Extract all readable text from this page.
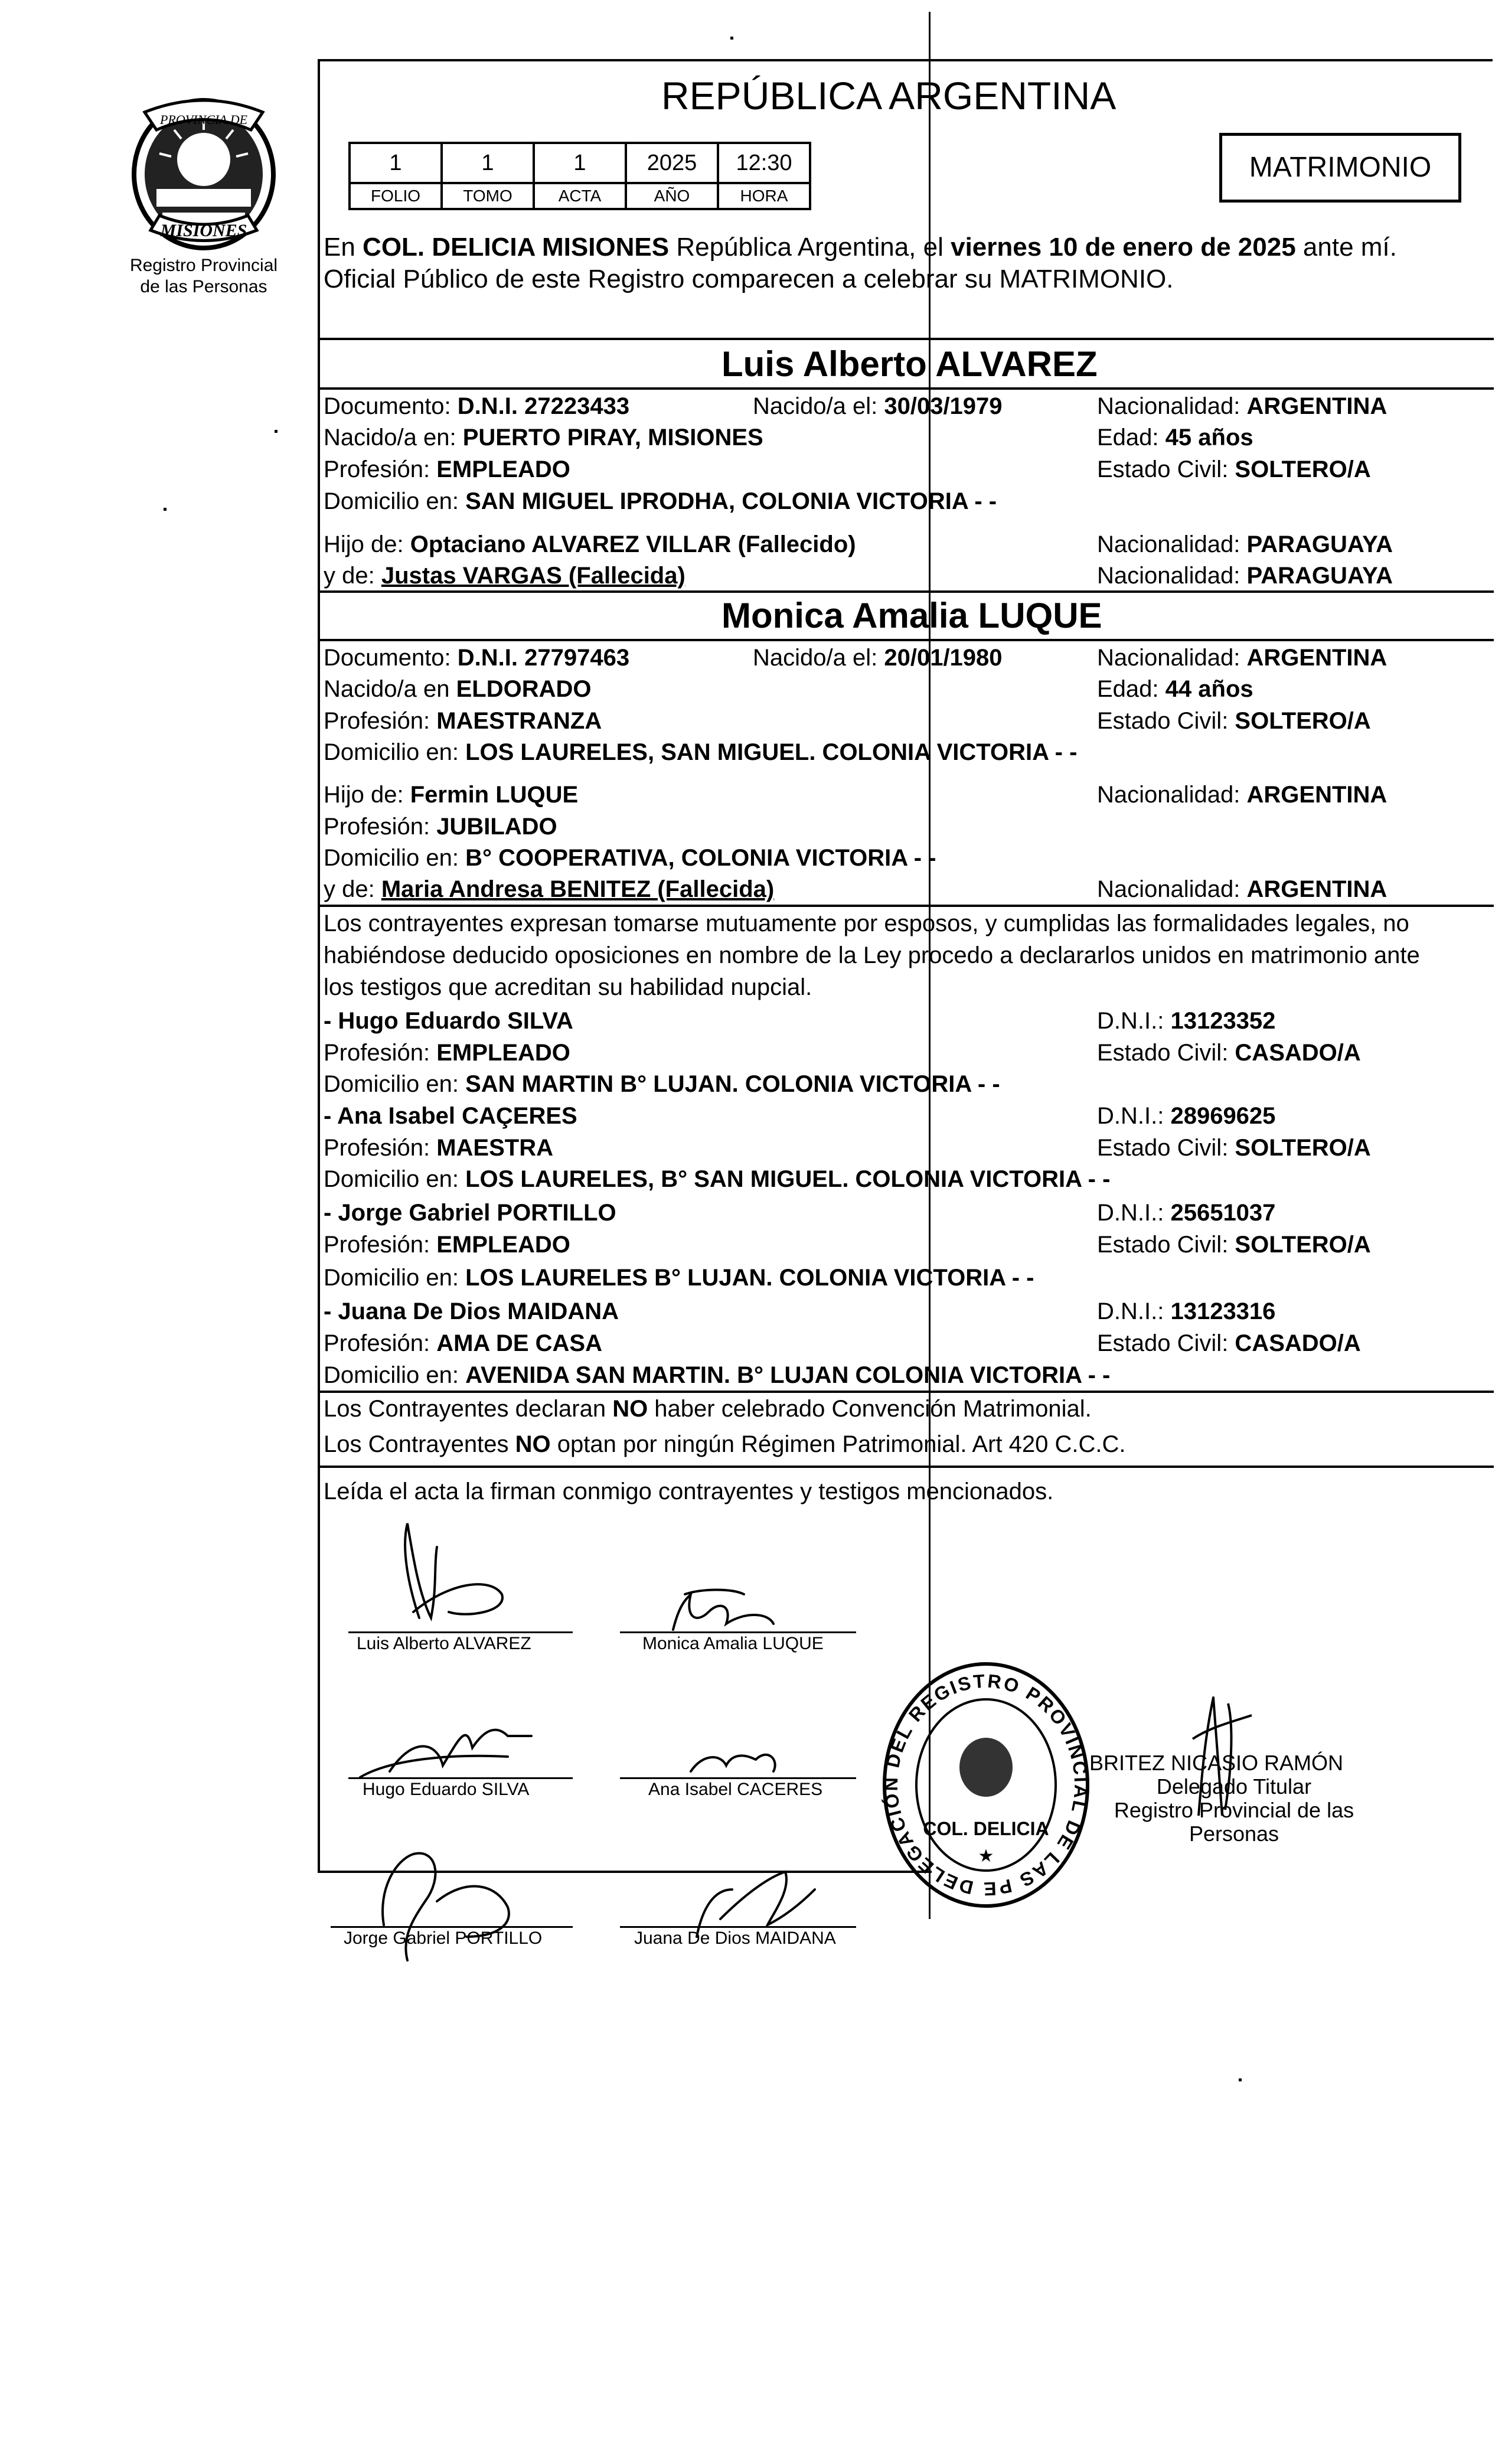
PROVINCIA DE
MISIONES
Registro Provincial
de las Personas
REPÚBLICA ARGENTINA
1	1	1	2025	12:30
FOLIO	TOMO	ACTA	AÑO	HORA
MATRIMONIO
En COL. DELICIA MISIONES República Argentina, el viernes 10 de enero de 2025 ante mí.
Oficial Público de este Registro comparecen a celebrar su MATRIMONIO.
Luis Alberto ALVAREZ
Documento: D.N.I. 27223433	Nacido/a el: 30/03/1979	Nacionalidad: ARGENTINA
Nacido/a en: PUERTO PIRAY, MISIONES	Edad: 45 años
Profesión: EMPLEADO	Estado Civil: SOLTERO/A
Domicilio en: SAN MIGUEL IPRODHA, COLONIA VICTORIA - -
Hijo de: Optaciano ALVAREZ VILLAR (Fallecido)	Nacionalidad: PARAGUAYA
y de: Justas VARGAS (Fallecida)	Nacionalidad: PARAGUAYA
Monica Amalia LUQUE
Documento: D.N.I. 27797463	Nacido/a el: 20/01/1980	Nacionalidad: ARGENTINA
Nacido/a en ELDORADO	Edad: 44 años
Profesión: MAESTRANZA	Estado Civil: SOLTERO/A
Domicilio en: LOS LAURELES, SAN MIGUEL. COLONIA VICTORIA - -
Hijo de: Fermin LUQUE	Nacionalidad: ARGENTINA
Profesión: JUBILADO
Domicilio en: B° COOPERATIVA, COLONIA VICTORIA - -
y de: Maria Andresa BENITEZ (Fallecida)	Nacionalidad: ARGENTINA
Los contrayentes expresan tomarse mutuamente por esposos, y cumplidas las formalidades legales, no
habiéndose deducido oposiciones en nombre de la Ley procedo a declararlos unidos en matrimonio ante
los testigos que acreditan su habilidad nupcial.
- Hugo Eduardo SILVA	D.N.I.: 13123352
Profesión: EMPLEADO	Estado Civil: CASADO/A
Domicilio en: SAN MARTIN B° LUJAN. COLONIA VICTORIA - -
- Ana Isabel CAÇERES	D.N.I.: 28969625
Profesión: MAESTRA	Estado Civil: SOLTERO/A
Domicilio en: LOS LAURELES, B° SAN MIGUEL. COLONIA VICTORIA - -
- Jorge Gabriel PORTILLO	D.N.I.: 25651037
Profesión: EMPLEADO	Estado Civil: SOLTERO/A
Domicilio en: LOS LAURELES B° LUJAN. COLONIA VICTORIA - -
- Juana De Dios MAIDANA	D.N.I.: 13123316
Profesión: AMA DE CASA	Estado Civil: CASADO/A
Domicilio en: AVENIDA SAN MARTIN. B° LUJAN COLONIA VICTORIA - -
Los Contrayentes declaran NO haber celebrado Convención Matrimonial.
Los Contrayentes NO optan por ningún Régimen Patrimonial. Art 420 C.C.C.
Leída el acta la firman conmigo contrayentes y testigos mencionados.
Luis Alberto ALVAREZ	Monica Amalia LUQUE
Hugo Eduardo SILVA	Ana Isabel CACERES
Jorge Gabriel PORTILLO	Juana De Dios MAIDANA
DELEGACIÓN DEL REGISTRO PROVINCIAL DE LAS PE
COL. DELICIA
★
BRITEZ NICASIO RAMÓN
Delegado Titular
Registro Provincial de las
Personas
